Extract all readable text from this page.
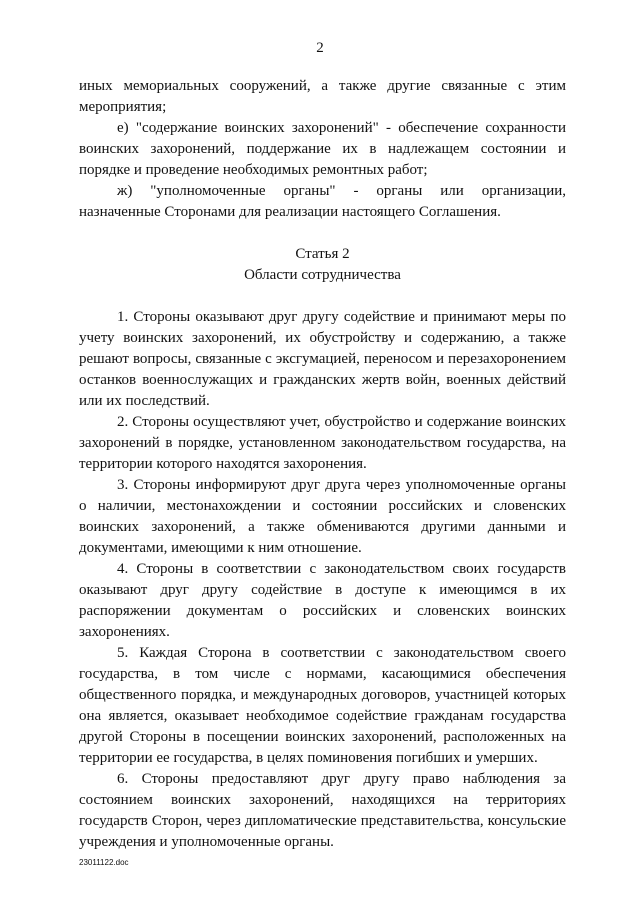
2

иных мемориальных сооружений, а также другие связанные с этим мероприятия;

е) "содержание воинских захоронений" - обеспечение сохранности воинских захоронений, поддержание их в надлежащем состоянии и порядке и проведение необходимых ремонтных работ;

ж) "уполномоченные органы" - органы или организации, назначенные Сторонами для реализации настоящего Соглашения.

Статья 2

Области сотрудничества

1. Стороны оказывают друг другу содействие и принимают меры по учету воинских захоронений, их обустройству и содержанию, а также решают вопросы, связанные с эксгумацией, переносом и перезахоронением останков военнослужащих и гражданских жертв войн, военных действий или их последствий.

2. Стороны осуществляют учет, обустройство и содержание воинских захоронений в порядке, установленном законодательством государства, на территории которого находятся захоронения.

3. Стороны информируют друг друга через уполномоченные органы о наличии, местонахождении и состоянии российских и словенских воинских захоронений, а также обмениваются другими данными и документами, имеющими к ним отношение.

4. Стороны в соответствии с законодательством своих государств оказывают друг другу содействие в доступе к имеющимся в их распоряжении документам о российских и словенских воинских захоронениях.

5. Каждая Сторона в соответствии с законодательством своего государства, в том числе с нормами, касающимися обеспечения общественного порядка, и международных договоров, участницей которых она является, оказывает необходимое содействие гражданам государства другой Стороны в посещении воинских захоронений, расположенных на территории ее государства, в целях поминовения погибших и умерших.

6. Стороны предоставляют друг другу право наблюдения за состоянием воинских захоронений, находящихся на территориях государств Сторон, через дипломатические представительства, консульские учреждения и уполномоченные органы.

23011122.doc
